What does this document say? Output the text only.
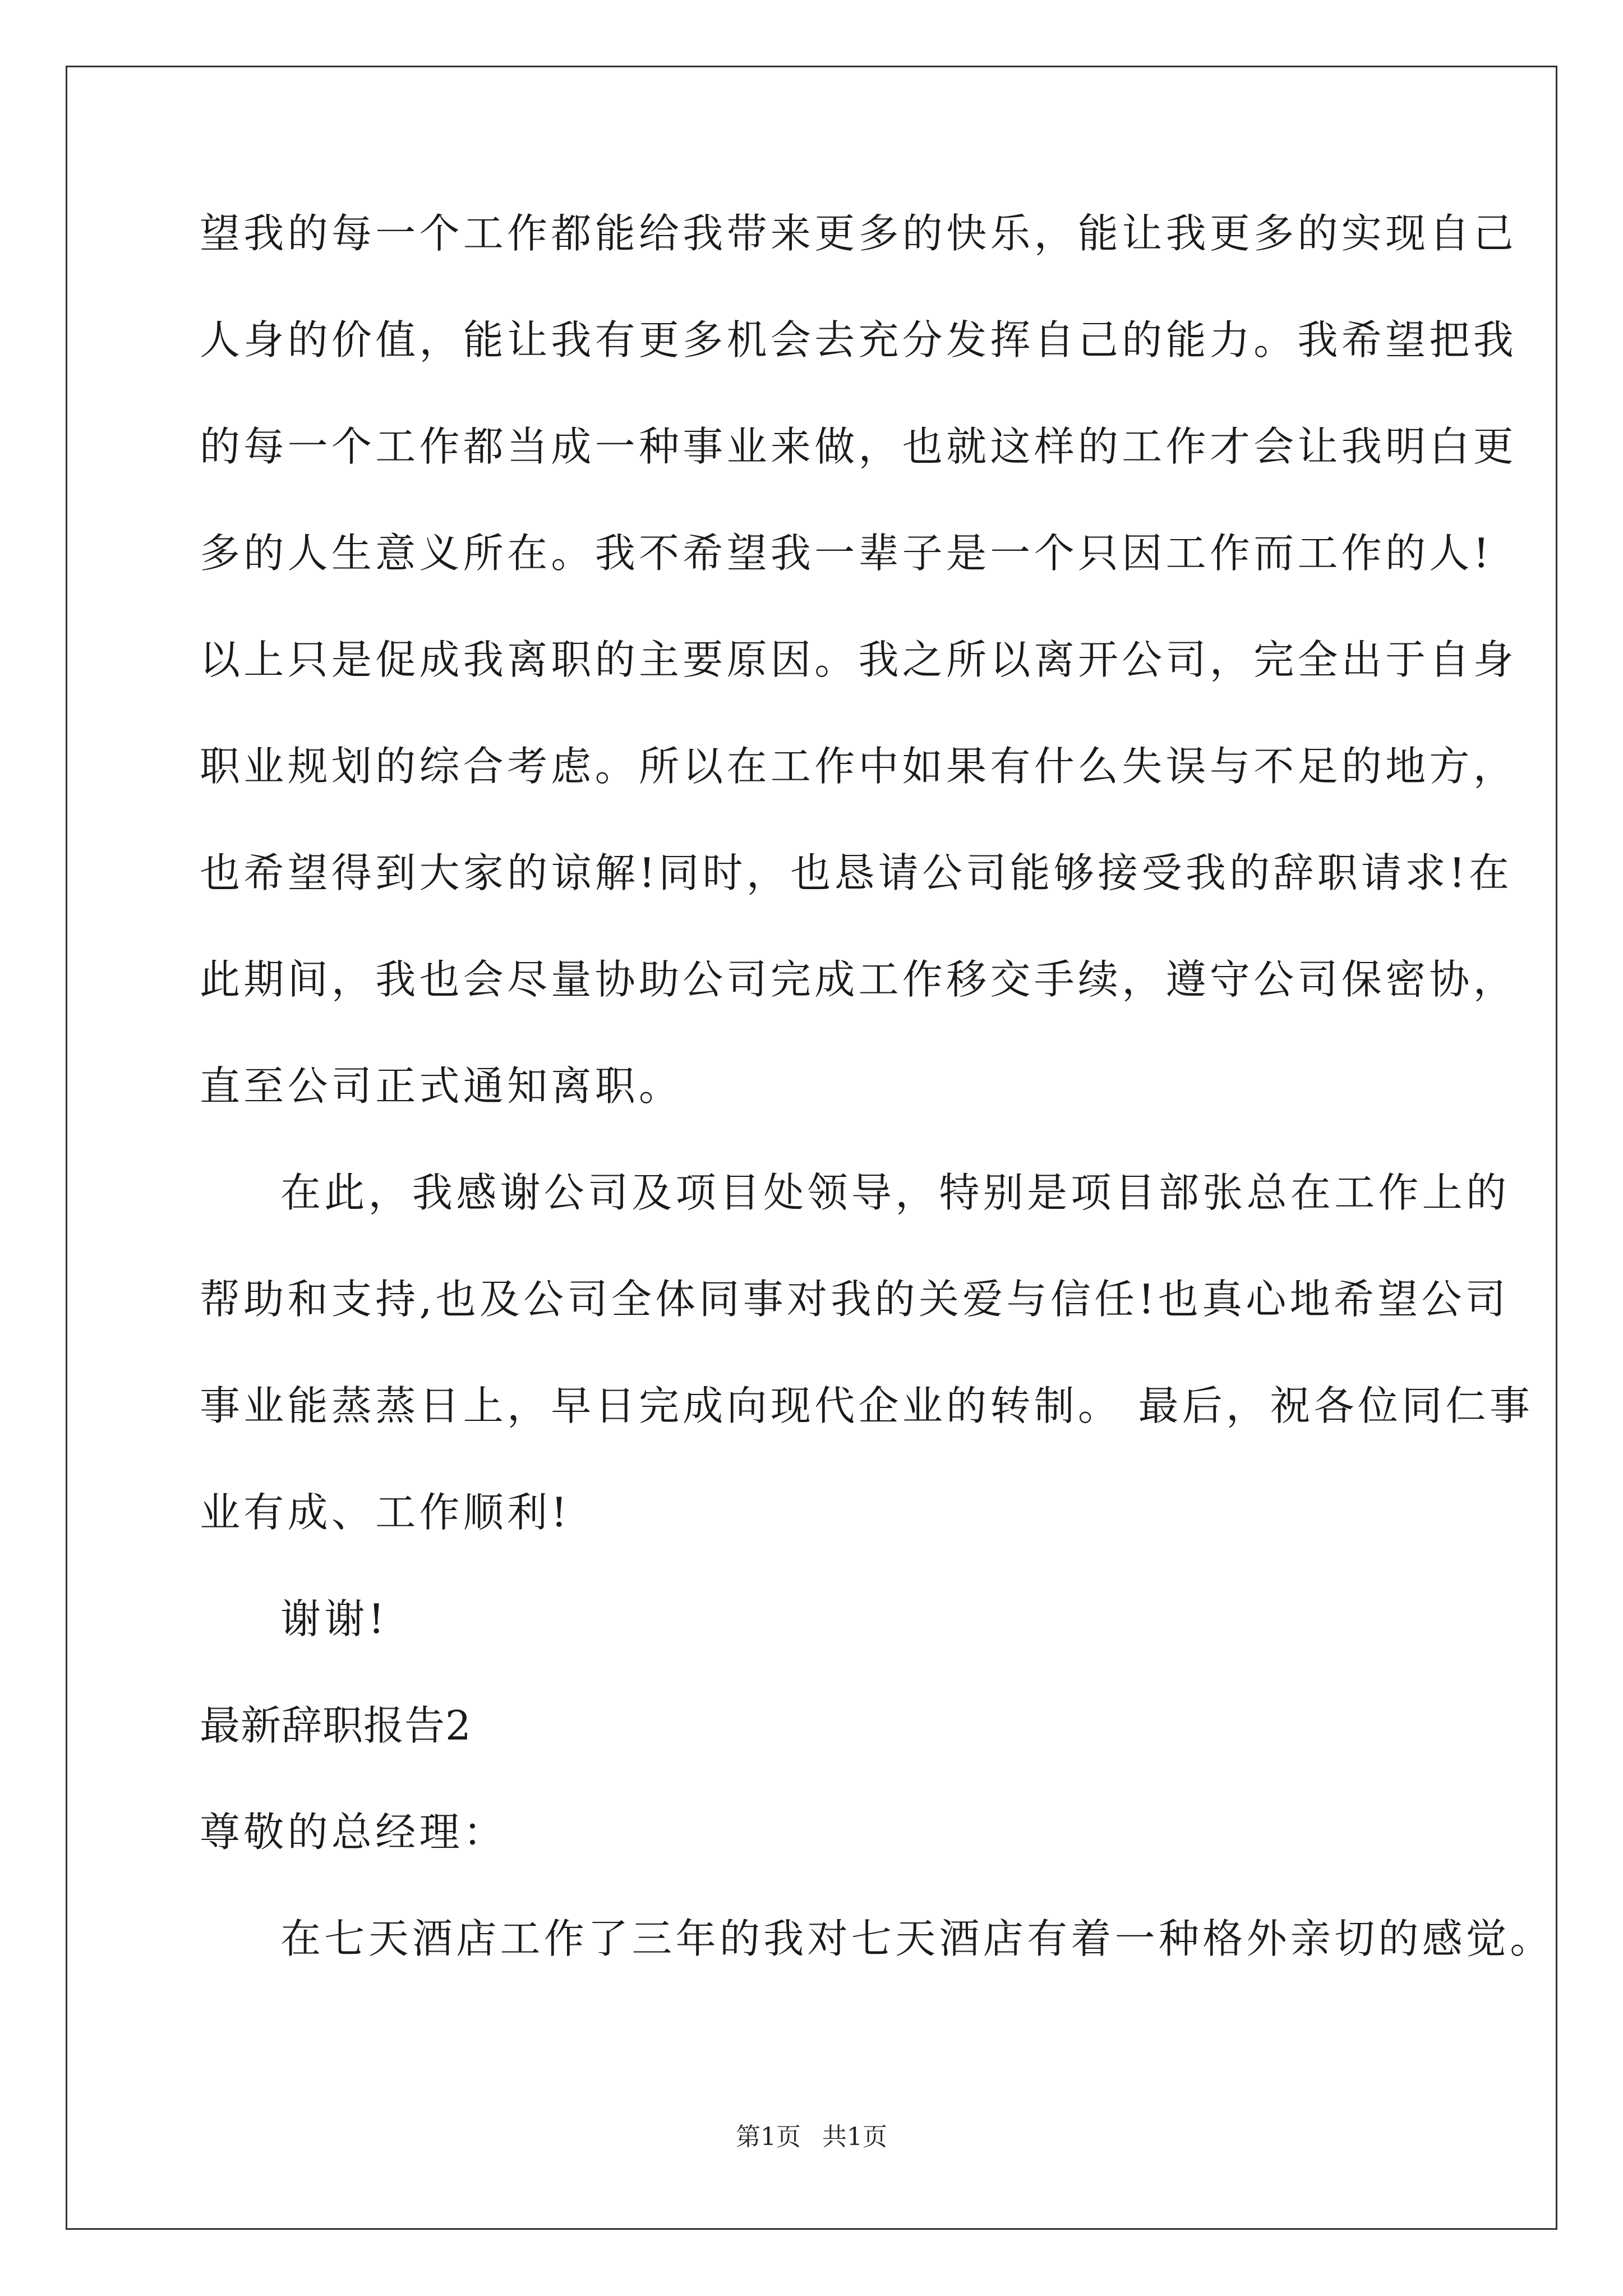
望我的每一个工作都能给我带来更多的快乐，能让我更多的实现自己

人身的价值，能让我有更多机会去充分发挥自己的能力。我希望把我

的每一个工作都当成一种事业来做，也就这样的工作才会让我明白更

多的人生意义所在。我不希望我一辈子是一个只因工作而工作的人!

以上只是促成我离职的主要原因。我之所以离开公司，完全出于自身

职业规划的综合考虑。所以在工作中如果有什么失误与不足的地方，

也希望得到大家的谅解!同时，也恳请公司能够接受我的辞职请求!在

此期间，我也会尽量协助公司完成工作移交手续，遵守公司保密协，

直至公司正式通知离职。

在此，我感谢公司及项目处领导，特别是项目部张总在工作上的

帮助和支持,也及公司全体同事对我的关爱与信任!也真心地希望公司

事业能蒸蒸日上，早日完成向现代企业的转制。 最后，祝各位同仁事

业有成、工作顺利!

谢谢!

最新辞职报告2

尊敬的总经理：

在七天酒店工作了三年的我对七天酒店有着一种格外亲切的感觉。

第1页 共1页
